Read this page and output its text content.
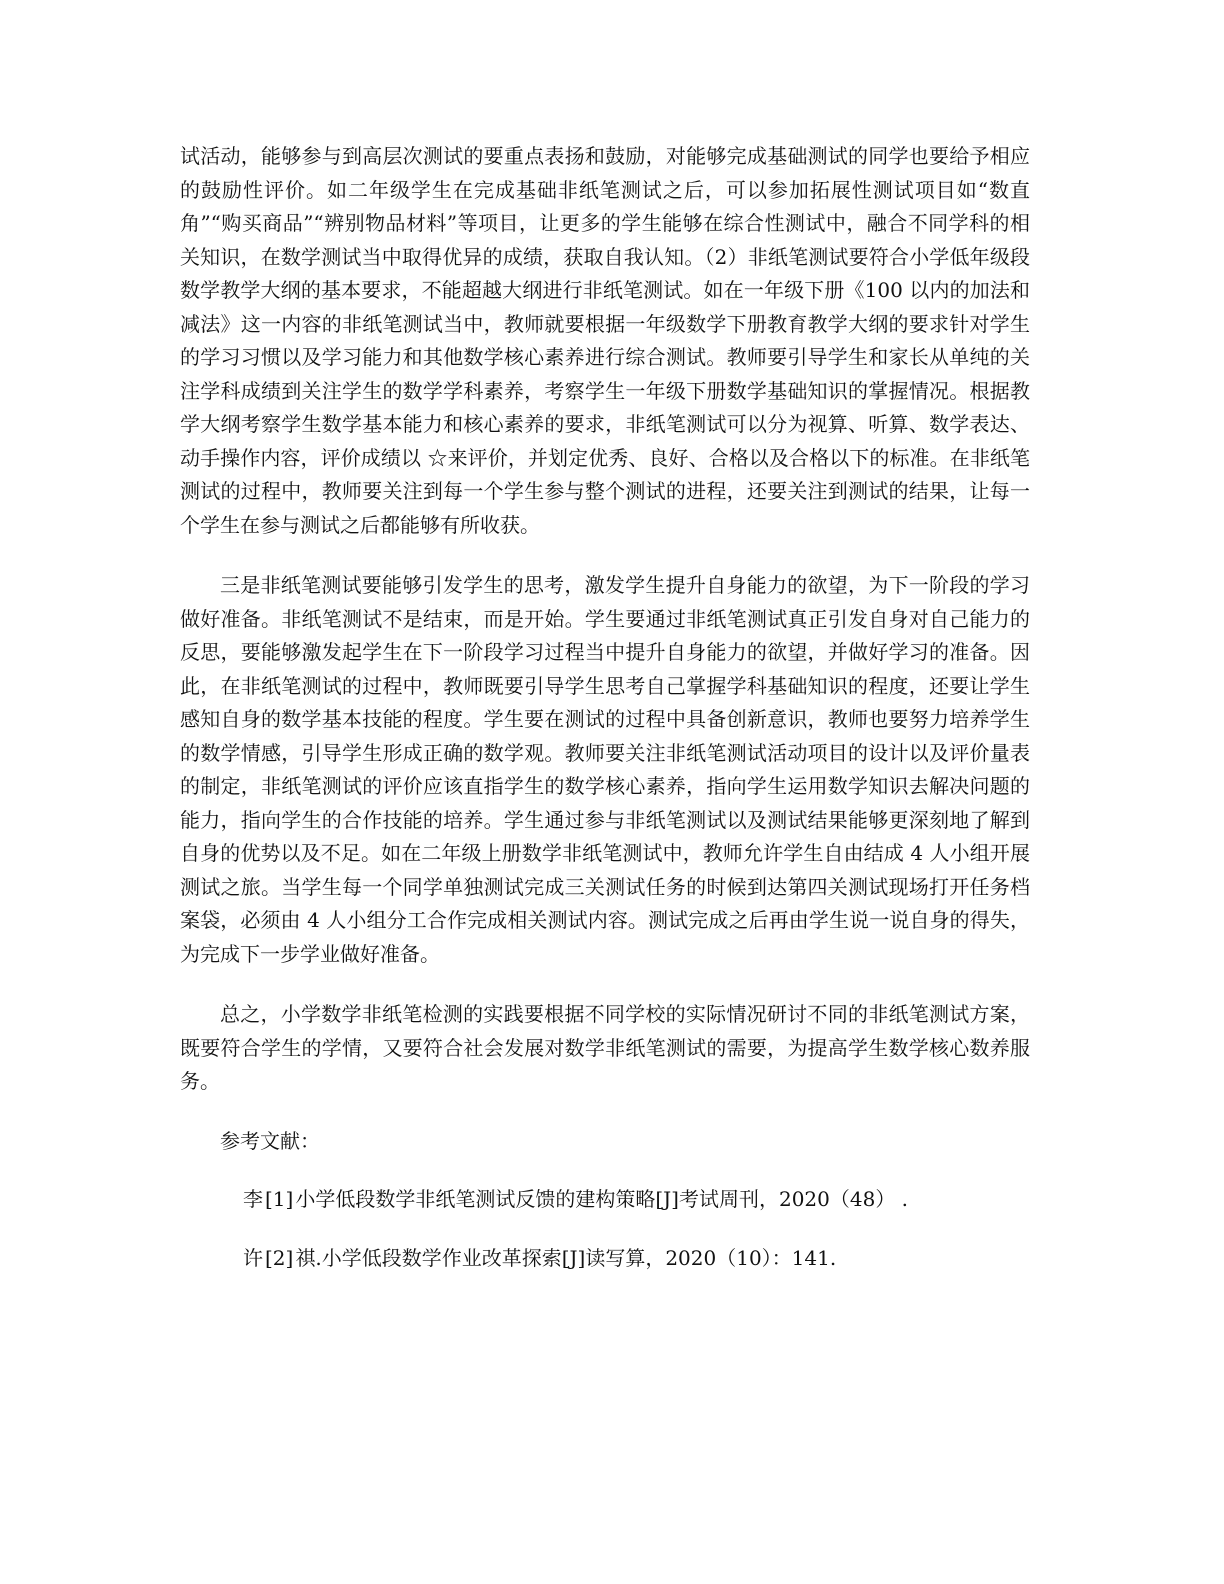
试活动，能够参与到高层次测试的要重点表扬和鼓励，对能够完成基础测试的同学也要给予相应的鼓励性评价。如二年级学生在完成基础非纸笔测试之后，可以参加拓展性测试项目如“数直角”“购买商品”“辨别物品材料”等项目，让更多的学生能够在综合性测试中，融合不同学科的相关知识，在数学测试当中取得优异的成绩，获取自我认知。（2）非纸笔测试要符合小学低年级段数学教学大纲的基本要求，不能超越大纲进行非纸笔测试。如在一年级下册《100 以内的加法和减法》这一内容的非纸笔测试当中，教师就要根据一年级数学下册教育教学大纲的要求针对学生的学习习惯以及学习能力和其他数学核心素养进行综合测试。教师要引导学生和家长从单纯的关注学科成绩到关注学生的数学学科素养，考察学生一年级下册数学基础知识的掌握情况。根据教学大纲考察学生数学基本能力和核心素养的要求，非纸笔测试可以分为视算、听算、数学表达、动手操作内容，评价成绩以 ☆来评价，并划定优秀、良好、合格以及合格以下的标准。在非纸笔测试的过程中，教师要关注到每一个学生参与整个测试的进程，还要关注到测试的结果，让每一个学生在参与测试之后都能够有所收获。

三是非纸笔测试要能够引发学生的思考，激发学生提升自身能力的欲望，为下一阶段的学习做好准备。非纸笔测试不是结束，而是开始。学生要通过非纸笔测试真正引发自身对自己能力的反思，要能够激发起学生在下一阶段学习过程当中提升自身能力的欲望，并做好学习的准备。因此，在非纸笔测试的过程中，教师既要引导学生思考自己掌握学科基础知识的程度，还要让学生感知自身的数学基本技能的程度。学生要在测试的过程中具备创新意识，教师也要努力培养学生的数学情感，引导学生形成正确的数学观。教师要关注非纸笔测试活动项目的设计以及评价量表的制定，非纸笔测试的评价应该直指学生的数学核心素养，指向学生运用数学知识去解决问题的能力，指向学生的合作技能的培养。学生通过参与非纸笔测试以及测试结果能够更深刻地了解到自身的优势以及不足。如在二年级上册数学非纸笔测试中，教师允许学生自由结成 4 人小组开展测试之旅。当学生每一个同学单独测试完成三关测试任务的时候到达第四关测试现场打开任务档案袋，必须由 4 人小组分工合作完成相关测试内容。测试完成之后再由学生说一说自身的得失，为完成下一步学业做好准备。

总之，小学数学非纸笔检测的实践要根据不同学校的实际情况研讨不同的非纸笔测试方案，既要符合学生的学情，又要符合社会发展对数学非纸笔测试的需要，为提高学生数学核心数养服务。

参考文献：
李 [1] 小学低段数学非纸笔测试反馈的建构策略[J]考试周刊，2020（48） .
许 [2] 祺.小学低段数学作业改革探索[J]读写算，2020（10）：141.
